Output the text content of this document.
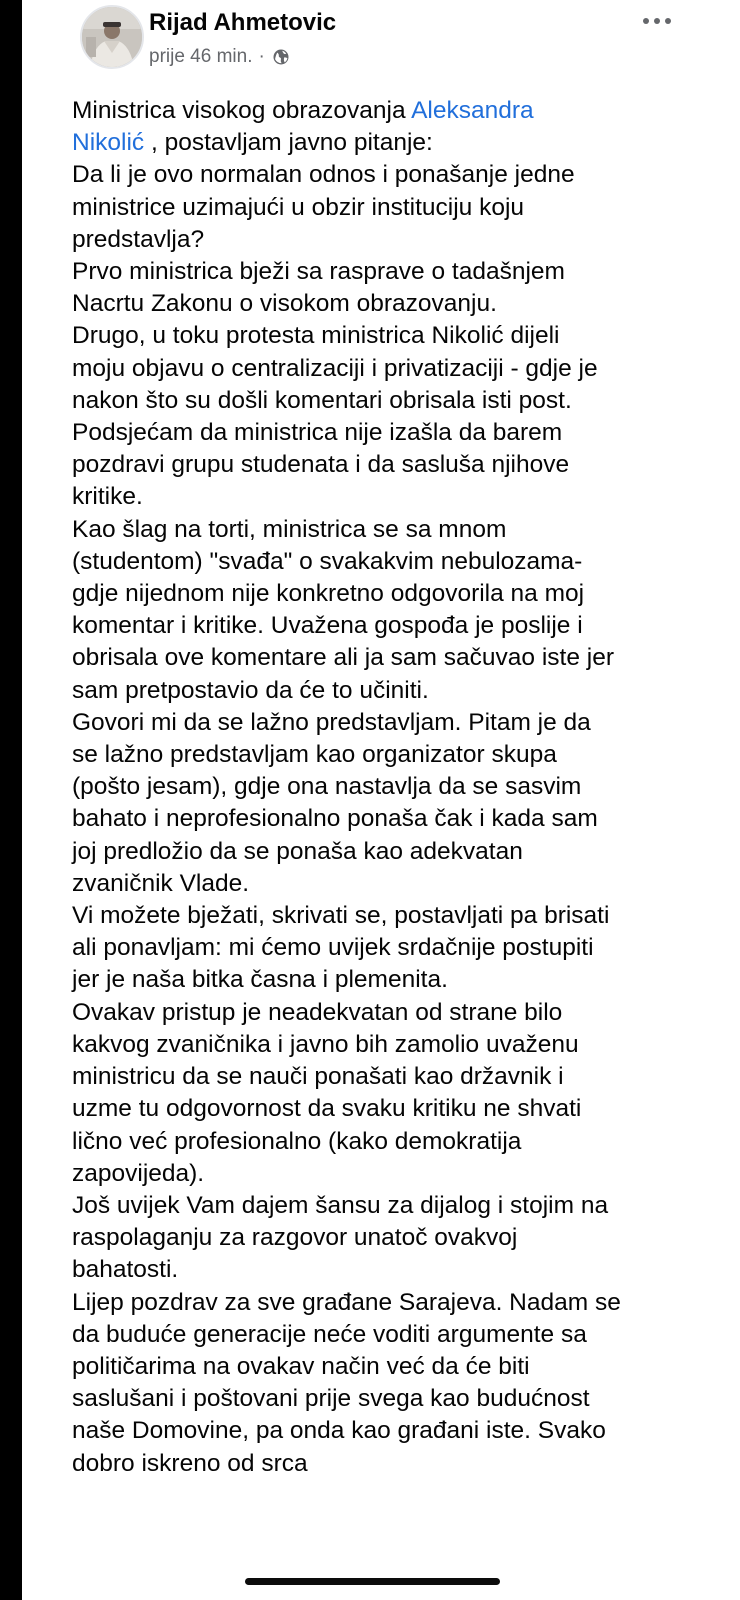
Rijad Ahmetovic
prije 46 min. ·

Ministrica visokog obrazovanja Aleksandra

Nikolić , postavljam javno pitanje:

Da li je ovo normalan odnos i ponašanje jedne

ministrice uzimajući u obzir instituciju koju

predstavlja?

Prvo ministrica bježi sa rasprave o tadašnjem

Nacrtu Zakonu o visokom obrazovanju.

Drugo, u toku protesta ministrica Nikolić dijeli

moju objavu o centralizaciji i privatizaciji - gdje je

nakon što su došli komentari obrisala isti post.

Podsjećam da ministrica nije izašla da barem

pozdravi grupu studenata i da sasluša njihove

kritike.

Kao šlag na torti, ministrica se sa mnom

(studentom) "svađa" o svakakvim nebulozama-

gdje nijednom nije konkretno odgovorila na moj

komentar i kritike. Uvažena gospođa je poslije i

obrisala ove komentare ali ja sam sačuvao iste jer

sam pretpostavio da će to učiniti.

Govori mi da se lažno predstavljam. Pitam je da

se lažno predstavljam kao organizator skupa

(pošto jesam), gdje ona nastavlja da se sasvim

bahato i neprofesionalno ponaša čak i kada sam

joj predložio da se ponaša kao adekvatan

zvaničnik Vlade.

Vi možete bježati, skrivati se, postavljati pa brisati

ali ponavljam: mi ćemo uvijek srdačnije postupiti

jer je naša bitka časna i plemenita.

Ovakav pristup je neadekvatan od strane bilo

kakvog zvaničnika i javno bih zamolio uvaženu

ministricu da se nauči ponašati kao državnik i

uzme tu odgovornost da svaku kritiku ne shvati

lično već profesionalno (kako demokratija

zapovijeda).

Još uvijek Vam dajem šansu za dijalog i stojim na

raspolaganju za razgovor unatoč ovakvoj

bahatosti.

Lijep pozdrav za sve građane Sarajeva. Nadam se

da buduće generacije neće voditi argumente sa

političarima na ovakav način već da će biti

saslušani i poštovani prije svega kao budućnost

naše Domovine, pa onda kao građani iste. Svako

dobro iskreno od srca
